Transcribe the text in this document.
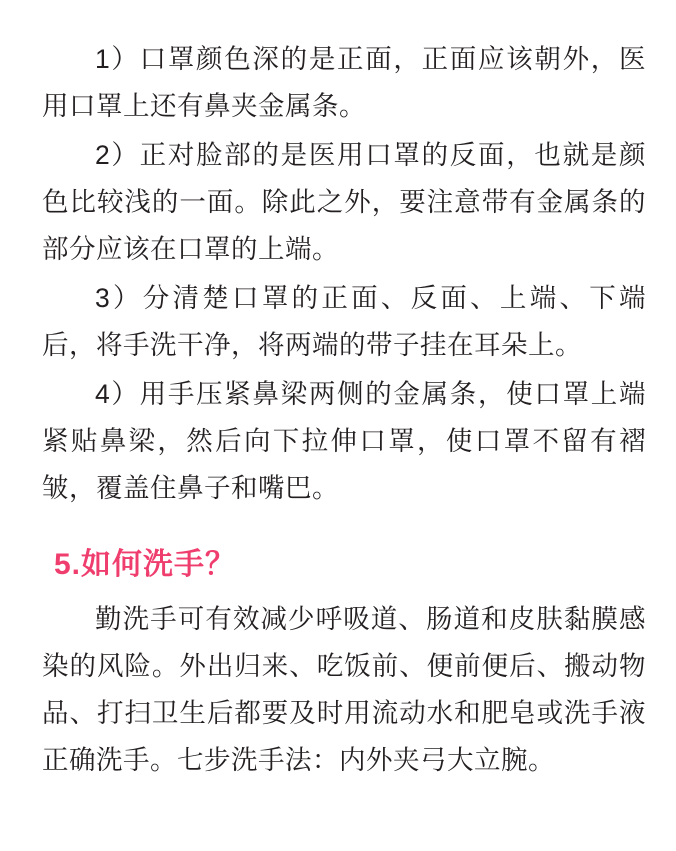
1）口罩颜色深的是正面，正面应该朝外，医用口罩上还有鼻夹金属条。

2）正对脸部的是医用口罩的反面，也就是颜色比较浅的一面。除此之外，要注意带有金属条的部分应该在口罩的上端。

3）分清楚口罩的正面、反面、上端、下端后，将手洗干净，将两端的带子挂在耳朵上。

4）用手压紧鼻梁两侧的金属条，使口罩上端紧贴鼻梁，然后向下拉伸口罩，使口罩不留有褶皱，覆盖住鼻子和嘴巴。

5.如何洗手？

勤洗手可有效减少呼吸道、肠道和皮肤黏膜感染的风险。外出归来、吃饭前、便前便后、搬动物品、打扫卫生后都要及时用流动水和肥皂或洗手液正确洗手。七步洗手法：内外夹弓大立腕。
